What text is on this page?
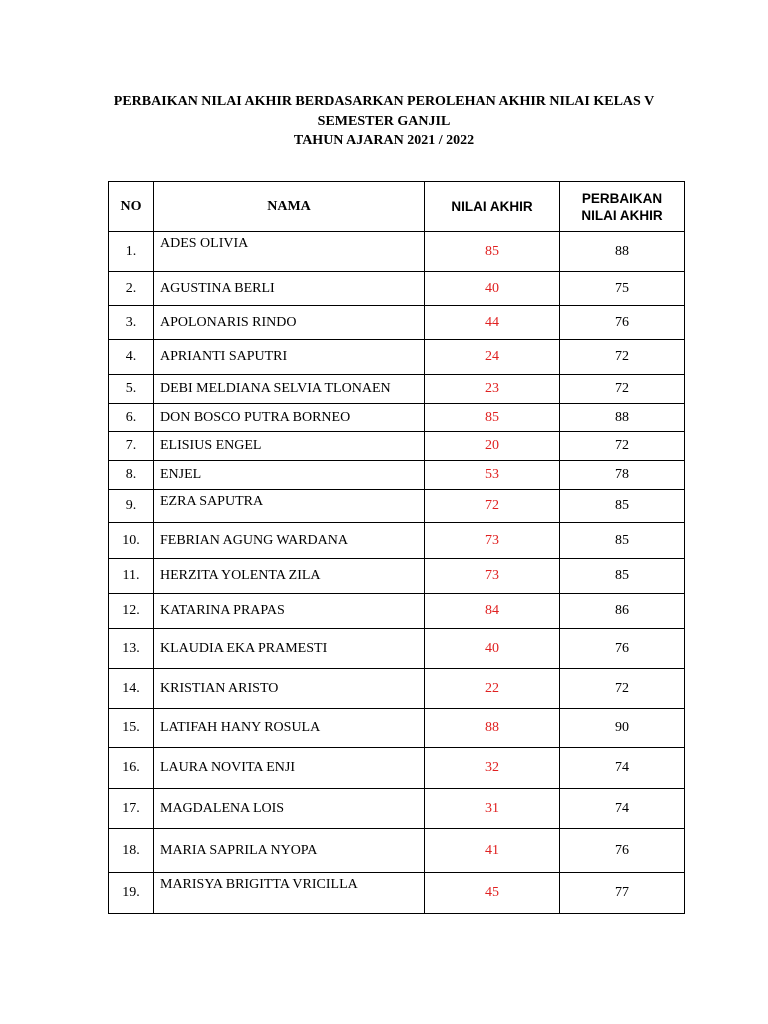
PERBAIKAN NILAI AKHIR BERDASARKAN PEROLEHAN AKHIR NILAI KELAS V
SEMESTER GANJIL
TAHUN AJARAN 2021 / 2022
NO	NAMA	NILAI AKHIR	PERBAIKAN
NILAI AKHIR

1.	ADES OLIVIA	85	88
2.	AGUSTINA BERLI	40	75
3.	APOLONARIS RINDO	44	76
4.	APRIANTI SAPUTRI	24	72
5.	DEBI MELDIANA SELVIA TLONAEN	23	72
6.	DON BOSCO PUTRA BORNEO	85	88
7.	ELISIUS ENGEL	20	72
8.	ENJEL	53	78
9.	EZRA SAPUTRA	72	85
10.	FEBRIAN AGUNG WARDANA	73	85
11.	HERZITA YOLENTA ZILA	73	85
12.	KATARINA PRAPAS	84	86
13.	KLAUDIA EKA PRAMESTI	40	76
14.	KRISTIAN ARISTO	22	72
15.	LATIFAH HANY ROSULA	88	90
16.	LAURA NOVITA ENJI	32	74
17.	MAGDALENA LOIS	31	74
18.	MARIA SAPRILA NYOPA	41	76
19.	MARISYA BRIGITTA VRICILLA	45	77
